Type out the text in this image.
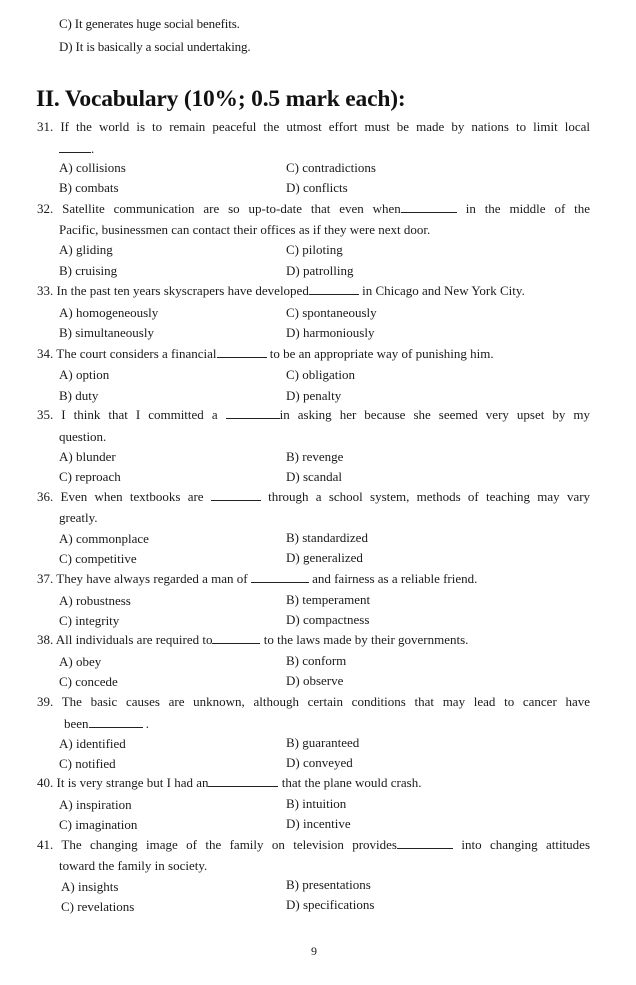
C) It generates huge social benefits.
D) It is basically a social undertaking.
II. Vocabulary (10%; 0.5 mark each):
31. If the world is to remain peaceful the utmost effort must be made by nations to limit local
.
A) collisions	C) contradictions
B) combats	D) conflicts
32. Satellite communication are so up-to-date that even when	in the middle of the
Pacific, businessmen can contact their offices as if they were next door.
A) gliding	C) piloting
B) cruising	D) patrolling
33. In the past ten years skyscrapers have developed	in Chicago and New York City.
A) homogeneously	C) spontaneously
B) simultaneously	D) harmoniously
34. The court considers a financial	to be an appropriate way of punishing him.
A) option	C) obligation
B) duty	D) penalty
35. I think that I committed a	in asking her because she seemed very upset by my
question.
A) blunder	B) revenge
C) reproach	D) scandal
36. Even when textbooks are	through a school system, methods of teaching may vary
greatly.
A) commonplace	B) standardized
C) competitive	D) generalized
37. They have always regarded a man of	and fairness as a reliable friend.
A) robustness	B) temperament
C) integrity	D) compactness
38. All individuals are required to	to the laws made by their governments.
A) obey	B) conform
C) concede	D) observe
39. The basic causes are unknown, although certain conditions that may lead to cancer have
been	.
A) identified	B) guaranteed
C) notified	D) conveyed
40. It is very strange but I had an	that the plane would crash.
A) inspiration	B) intuition
C) imagination	D) incentive
41. The changing image of the family on television provides	into changing attitudes
toward the family in society.
A) insights	B) presentations
C) revelations	D) specifications
9
